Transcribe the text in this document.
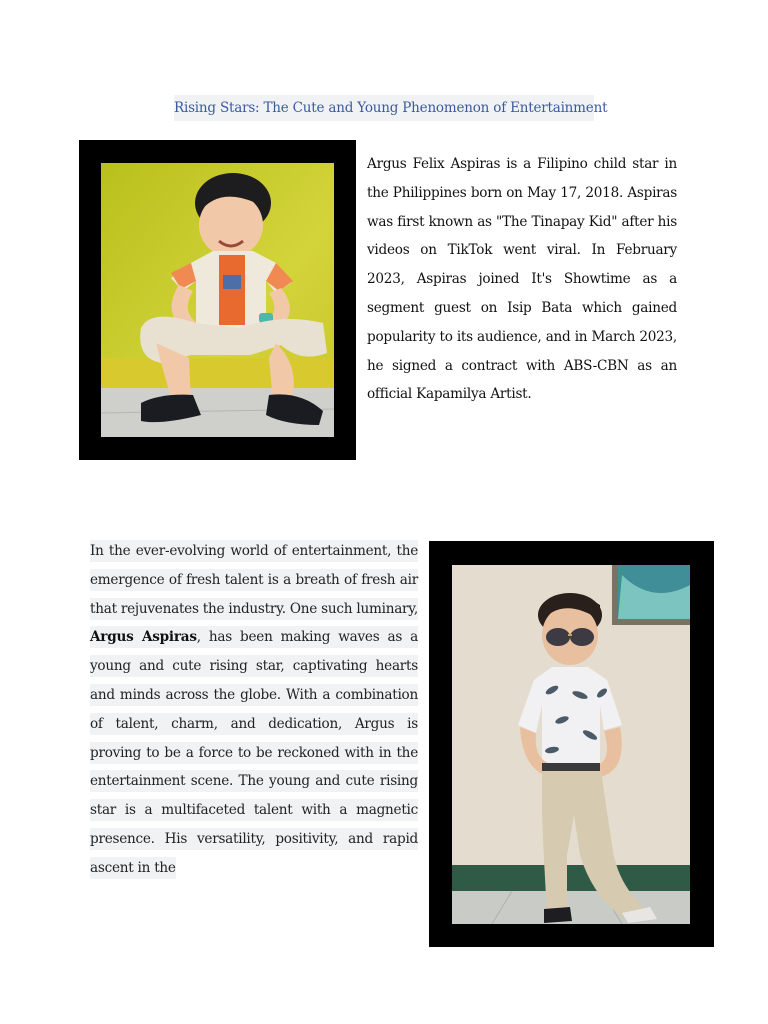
Rising Stars: The Cute and Young Phenomenon of Entertainment
Argus Felix Aspiras is a Filipino child star in the Philippines born on May 17, 2018. Aspiras was first known as "The Tinapay Kid" after his videos on TikTok went viral. In February 2023, Aspiras joined It's Showtime as a segment guest on Isip Bata which gained popularity to its audience, and in March 2023, he signed a contract with ABS-CBN as an official Kapamilya Artist.
In the ever-evolving world of entertainment, the emergence of fresh talent is a breath of fresh air that rejuvenates the industry. One such luminary, Argus Aspiras, has been making waves as a young and cute rising star, captivating hearts and minds across the globe. With a combination of talent, charm, and dedication, Argus is proving to be a force to be reckoned with in the entertainment scene. The young and cute rising star is a multifaceted talent with a magnetic presence. His versatility, positivity, and rapid ascent in the
